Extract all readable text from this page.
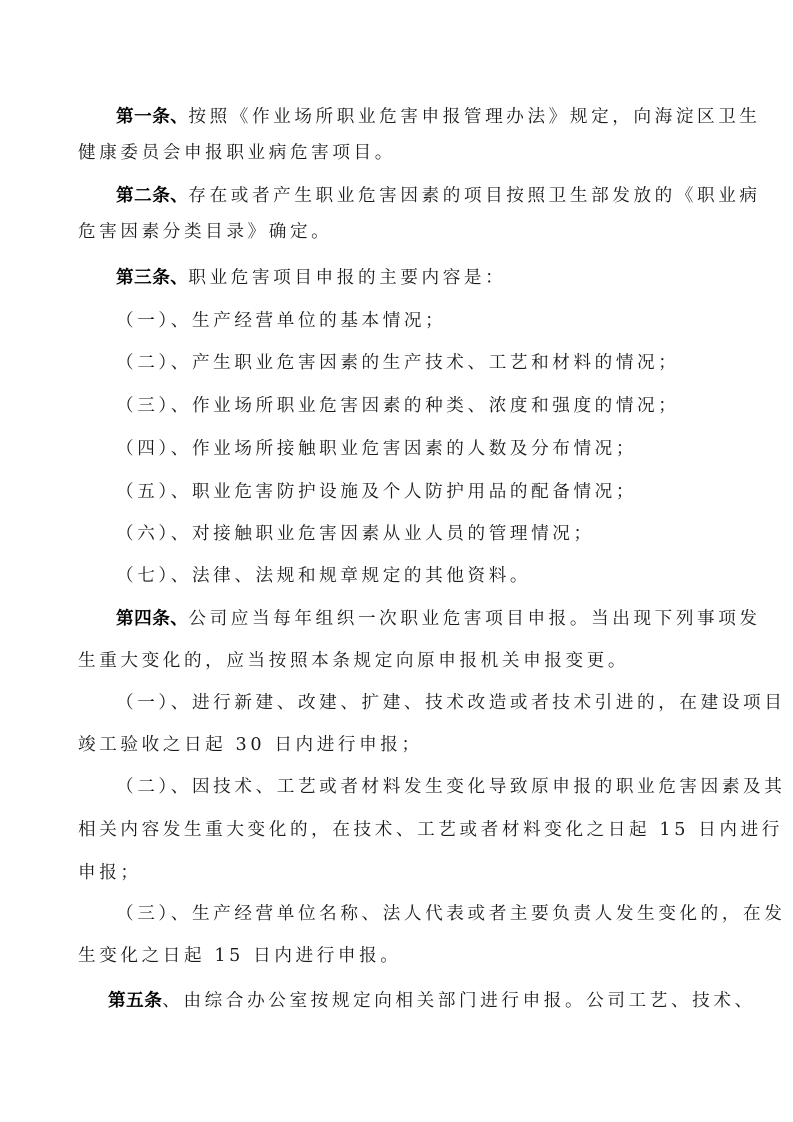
第一条、按照《作业场所职业危害申报管理办法》规定，向海淀区卫生
健康委员会申报职业病危害项目。
第二条、存在或者产生职业危害因素的项目按照卫生部发放的《职业病
危害因素分类目录》确定。
第三条、职业危害项目申报的主要内容是：
（一）、生产经营单位的基本情况；
（二）、产生职业危害因素的生产技术、工艺和材料的情况；
（三）、作业场所职业危害因素的种类、浓度和强度的情况；
（四）、作业场所接触职业危害因素的人数及分布情况；
（五）、职业危害防护设施及个人防护用品的配备情况；
（六）、对接触职业危害因素从业人员的管理情况；
（七）、法律、法规和规章规定的其他资料。
第四条、公司应当每年组织一次职业危害项目申报。当出现下列事项发
生重大变化的，应当按照本条规定向原申报机关申报变更。
（一）、进行新建、改建、扩建、技术改造或者技术引进的，在建设项目
竣工验收之日起 30 日内进行申报；
（二）、因技术、工艺或者材料发生变化导致原申报的职业危害因素及其
相关内容发生重大变化的，在技术、工艺或者材料变化之日起 15 日内进行
申报；
（三）、生产经营单位名称、法人代表或者主要负责人发生变化的，在发
生变化之日起 15 日内进行申报。
第五条、由综合办公室按规定向相关部门进行申报。公司工艺、技术、
